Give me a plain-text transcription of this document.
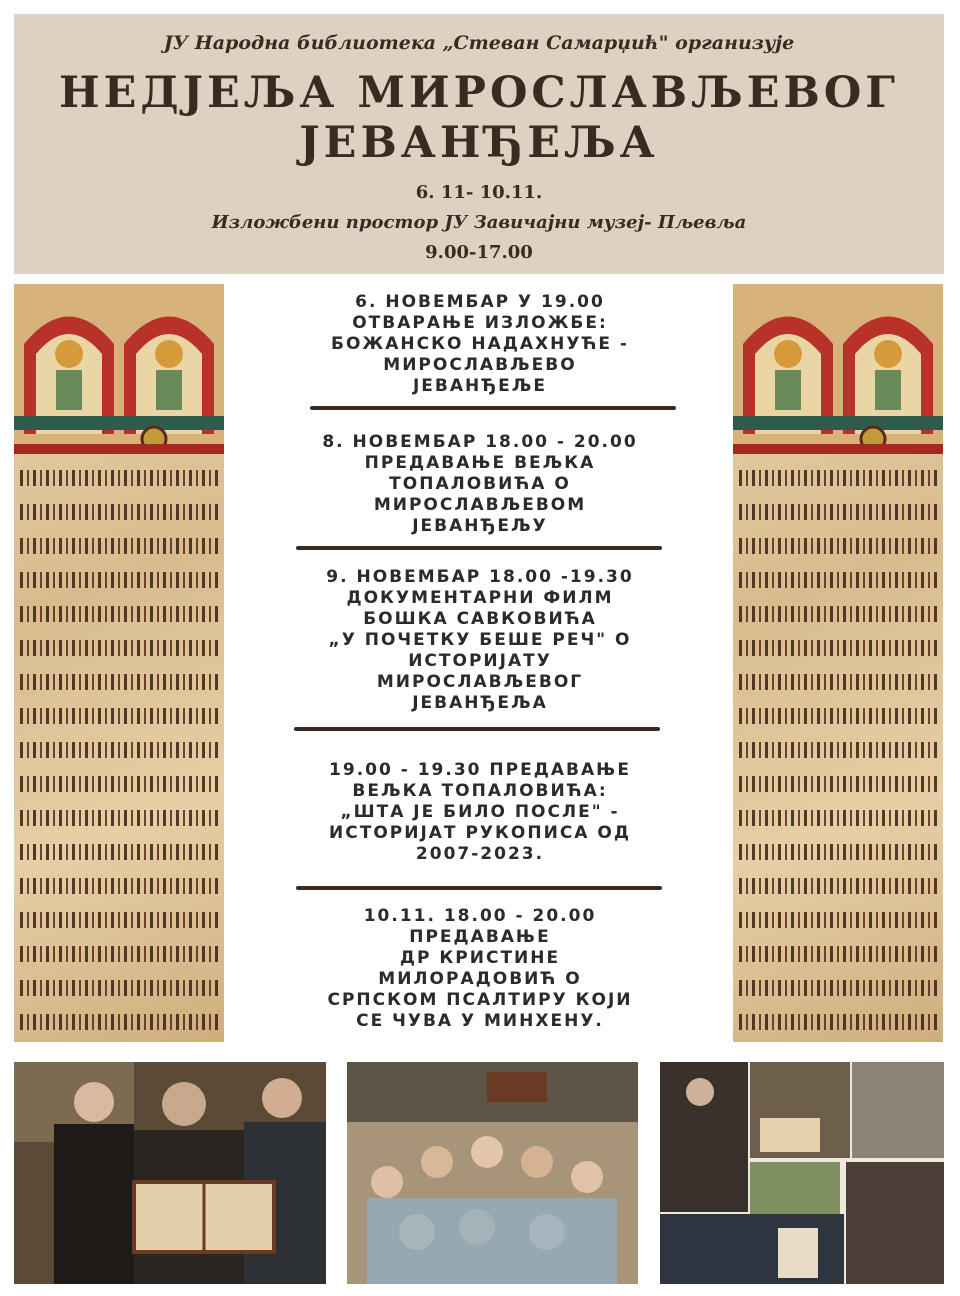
ЈУ Народна библиотека „Стеван Самарџић" организује
НЕДЈЕЉА МИРОСЛАВЉЕВОГ
ЈЕВАНЂЕЉА
6. 11- 10.11.
Изложбени простор ЈУ Завичајни музеј- Пљевља
9.00-17.00
6. НОВЕМБАР У 19.00
ОТВАРАЊЕ ИЗЛОЖБЕ:
БОЖАНСКО НАДАХНУЋЕ -
МИРОСЛАВЉЕВО
ЈЕВАНЂЕЉЕ
8. НОВЕМБАР 18.00 - 20.00
ПРЕДАВАЊЕ ВЕЉКА
ТОПАЛОВИЋА О
МИРОСЛАВЉЕВОМ
ЈЕВАНЂЕЉУ
9. НОВЕМБАР 18.00 -19.30
ДОКУМЕНТАРНИ ФИЛМ
БОШКА САВКОВИЋА
„У ПОЧЕТКУ БЕШЕ РЕЧ" О
ИСТОРИЈАТУ
МИРОСЛАВЉЕВОГ
ЈЕВАНЂЕЉА
19.00 - 19.30 ПРЕДАВАЊЕ
ВЕЉКА ТОПАЛОВИЋА:
„ШТА ЈЕ БИЛО ПОСЛЕ" -
ИСТОРИЈАТ РУКОПИСА ОД
2007-2023.
10.11. 18.00 - 20.00
ПРЕДАВАЊЕ
ДР КРИСТИНЕ
МИЛОРАДОВИЋ О
СРПСКОМ ПСАЛТИРУ КОЈИ
СЕ ЧУВА У МИНХЕНУ.
